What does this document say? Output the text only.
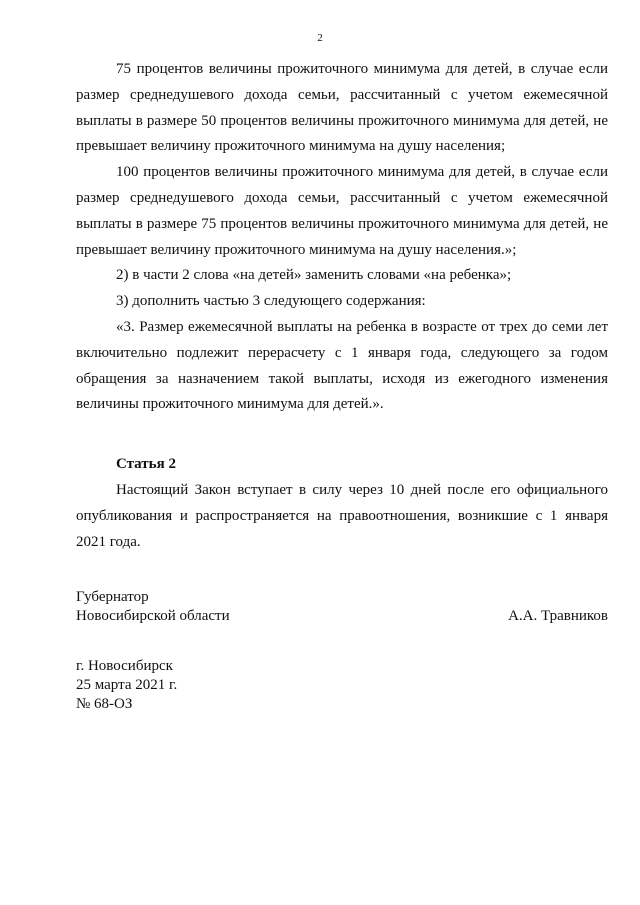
2

75 процентов величины прожиточного минимума для детей, в случае если размер среднедушевого дохода семьи, рассчитанный с учетом ежемесячной выплаты в размере 50 процентов величины прожиточного минимума для детей, не превышает величину прожиточного минимума на душу населения;

100 процентов величины прожиточного минимума для детей, в случае если размер среднедушевого дохода семьи, рассчитанный с учетом ежемесячной выплаты в размере 75 процентов величины прожиточного минимума для детей, не превышает величину прожиточного минимума на душу населения.»;

2) в части 2 слова «на детей» заменить словами «на ребенка»;

3) дополнить частью 3 следующего содержания:

«3. Размер ежемесячной выплаты на ребенка в возрасте от трех до семи лет включительно подлежит перерасчету с 1 января года, следующего за годом обращения за назначением такой выплаты, исходя из ежегодного изменения величины прожиточного минимума для детей.».

Статья 2

Настоящий Закон вступает в силу через 10 дней после его официального опубликования и распространяется на правоотношения, возникшие с 1 января 2021 года.

Губернатор
Новосибирской области	А.А. Травников
г. Новосибирск
25 марта 2021 г.
№ 68-ОЗ
